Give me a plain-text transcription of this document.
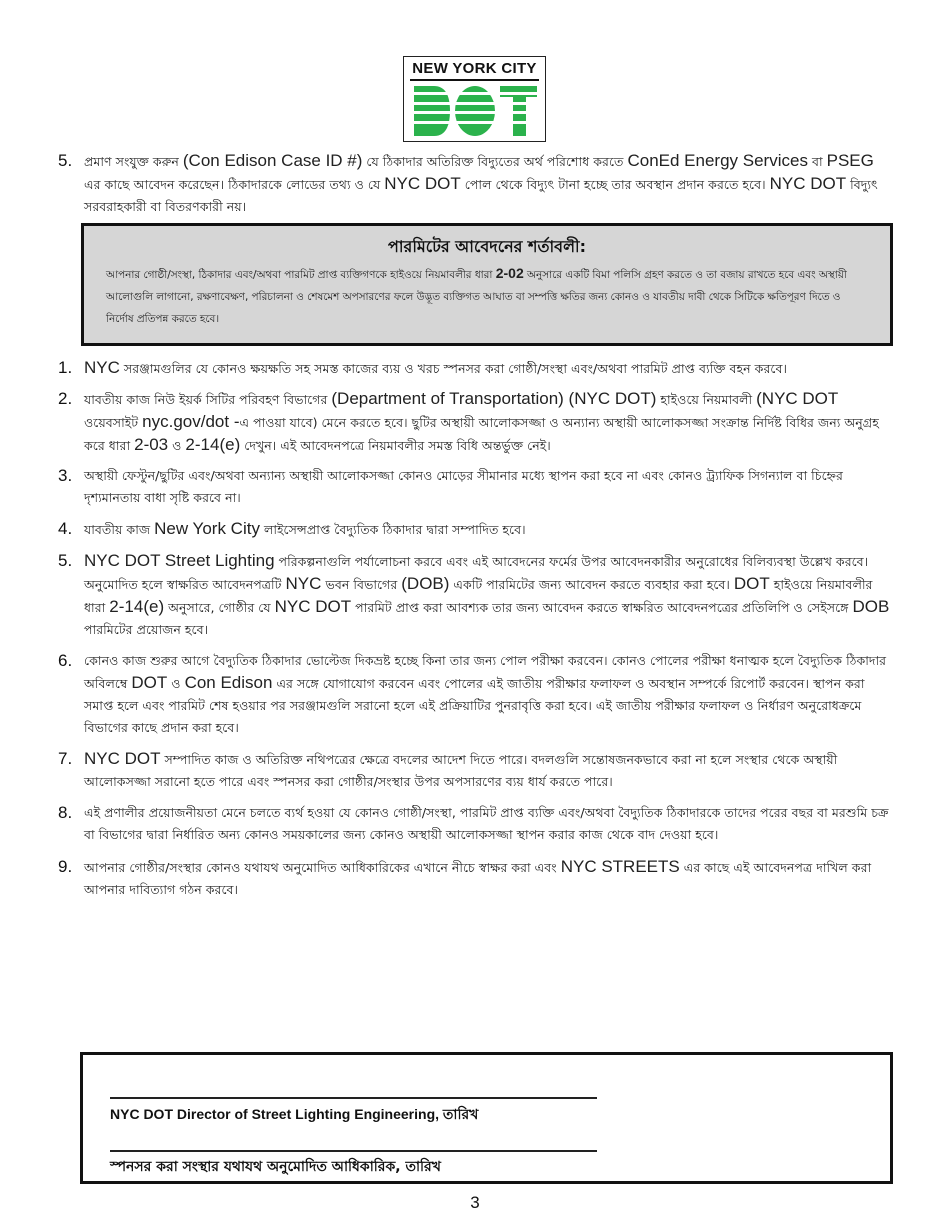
NEW YORK CITY
5. প্রমাণ সংযুক্ত করুন (Con Edison Case ID #) যে ঠিকাদার অতিরিক্ত বিদ্যুতের অর্থ পরিশোধ করতে ConEd Energy Services বা PSEG এর কাছে আবেদন করেছেন। ঠিকাদারকে লোডের তথ্য ও যে NYC DOT পোল থেকে বিদ্যুৎ টানা হচ্ছে তার অবস্থান প্রদান করতে হবে। NYC DOT বিদ্যুৎ সরবরাহকারী বা বিতরণকারী নয়।
পারমিটের আবেদনের শর্তাবলী:
আপনার গোষ্ঠী/সংস্থা, ঠিকাদার এবং/অথবা পারমিট প্রাপ্ত ব্যক্তিগণকে হাইওয়ে নিয়মাবলীর ধারা 2-02 অনুসারে একটি বিমা পলিসি গ্রহণ করতে ও তা বজায় রাখতে হবে এবং অস্থায়ী আলোগুলি লাগানো, রক্ষণাবেক্ষণ, পরিচালনা ও শেষমেশ অপসারণের ফলে উদ্ভূত ব্যক্তিগত আঘাত বা সম্পত্তি ক্ষতির জন্য কোনও ও যাবতীয় দাবী থেকে সিটিকে ক্ষতিপূরণ দিতে ও নির্দোষ প্রতিপন্ন করতে হবে।
1. NYC সরঞ্জামগুলির যে কোনও ক্ষয়ক্ষতি সহ সমস্ত কাজের ব্যয় ও খরচ স্পনসর করা গোষ্ঠী/সংস্থা এবং/অথবা পারমিট প্রাপ্ত ব্যক্তি বহন করবে।
2. যাবতীয় কাজ নিউ ইয়র্ক সিটির পরিবহণ বিভাগের (Department of Transportation) (NYC DOT) হাইওয়ে নিয়মাবলী (NYC DOT ওয়েবসাইট nyc.gov/dot -এ পাওয়া যাবে) মেনে করতে হবে। ছুটির অস্থায়ী আলোকসজ্জা ও অন্যান্য অস্থায়ী আলোকসজ্জা সংক্রান্ত নির্দিষ্ট বিধির জন্য অনুগ্রহ করে ধারা 2-03 ও 2-14(e) দেখুন। এই আবেদনপত্রে নিয়মাবলীর সমস্ত বিধি অন্তর্ভুক্ত নেই।
3. অস্থায়ী ফেস্টুন/ছুটির এবং/অথবা অন্যান্য অস্থায়ী আলোকসজ্জা কোনও মোড়ের সীমানার মধ্যে স্থাপন করা হবে না এবং কোনও ট্র্যাফিক সিগন্যাল বা চিহ্নের দৃশ্যমানতায় বাধা সৃষ্টি করবে না।
4. যাবতীয় কাজ New York City লাইসেন্সপ্রাপ্ত বৈদ্যুতিক ঠিকাদার দ্বারা সম্পাদিত হবে।
5. NYC DOT Street Lighting পরিকল্পনাগুলি পর্যালোচনা করবে এবং এই আবেদনের ফর্মের উপর আবেদনকারীর অনুরোধের বিলিব্যবস্থা উল্লেখ করবে। অনুমোদিত হলে স্বাক্ষরিত আবেদনপত্রটি NYC ভবন বিভাগের (DOB) একটি পারমিটের জন্য আবেদন করতে ব্যবহার করা হবে। DOT হাইওয়ে নিয়মাবলীর ধারা 2-14(e) অনুসারে, গোষ্ঠীর যে NYC DOT পারমিট প্রাপ্ত করা আবশ্যক তার জন্য আবেদন করতে স্বাক্ষরিত আবেদনপত্রের প্রতিলিপি ও সেইসঙ্গে DOB পারমিটের প্রয়োজন হবে।
6. কোনও কাজ শুরুর আগে বৈদ্যুতিক ঠিকাদার ভোল্টেজ দিকভ্রষ্ট হচ্ছে কিনা তার জন্য পোল পরীক্ষা করবেন। কোনও পোলের পরীক্ষা ধনাত্মক হলে বৈদ্যুতিক ঠিকাদার অবিলম্বে DOT ও Con Edison এর সঙ্গে যোগাযোগ করবেন এবং পোলের এই জাতীয় পরীক্ষার ফলাফল ও অবস্থান সম্পর্কে রিপোর্ট করবেন। স্থাপন করা সমাপ্ত হলে এবং পারমিট শেষ হওয়ার পর সরঞ্জামগুলি সরানো হলে এই প্রক্রিয়াটির পুনরাবৃত্তি করা হবে। এই জাতীয় পরীক্ষার ফলাফল ও নির্ধারণ অনুরোধক্রমে বিভাগের কাছে প্রদান করা হবে।
7. NYC DOT সম্পাদিত কাজ ও অতিরিক্ত নথিপত্রের ক্ষেত্রে বদলের আদেশ দিতে পারে। বদলগুলি সন্তোষজনকভাবে করা না হলে সংস্থার থেকে অস্থায়ী আলোকসজ্জা সরানো হতে পারে এবং স্পনসর করা গোষ্ঠীর/সংস্থার উপর অপসারণের ব্যয় ধার্য করতে পারে।
8. এই প্রণালীর প্রয়োজনীয়তা মেনে চলতে ব্যর্থ হওয়া যে কোনও গোষ্ঠী/সংস্থা, পারমিট প্রাপ্ত ব্যক্তি এবং/অথবা বৈদ্যুতিক ঠিকাদারকে তাদের পরের বছর বা মরশুমি চক্র বা বিভাগের দ্বারা নির্ধারিত অন্য কোনও সময়কালের জন্য কোনও অস্থায়ী আলোকসজ্জা স্থাপন করার কাজ থেকে বাদ দেওয়া হবে।
9. আপনার গোষ্ঠীর/সংস্থার কোনও যথাযথ অনুমোদিত আধিকারিকের এখানে নীচে স্বাক্ষর করা এবং NYC STREETS এর কাছে এই আবেদনপত্র দাখিল করা আপনার দাবিত্যাগ গঠন করবে।
NYC DOT Director of Street Lighting Engineering, তারিখ
স্পনসর করা সংস্থার যথাযথ অনুমোদিত আধিকারিক, তারিখ
3
